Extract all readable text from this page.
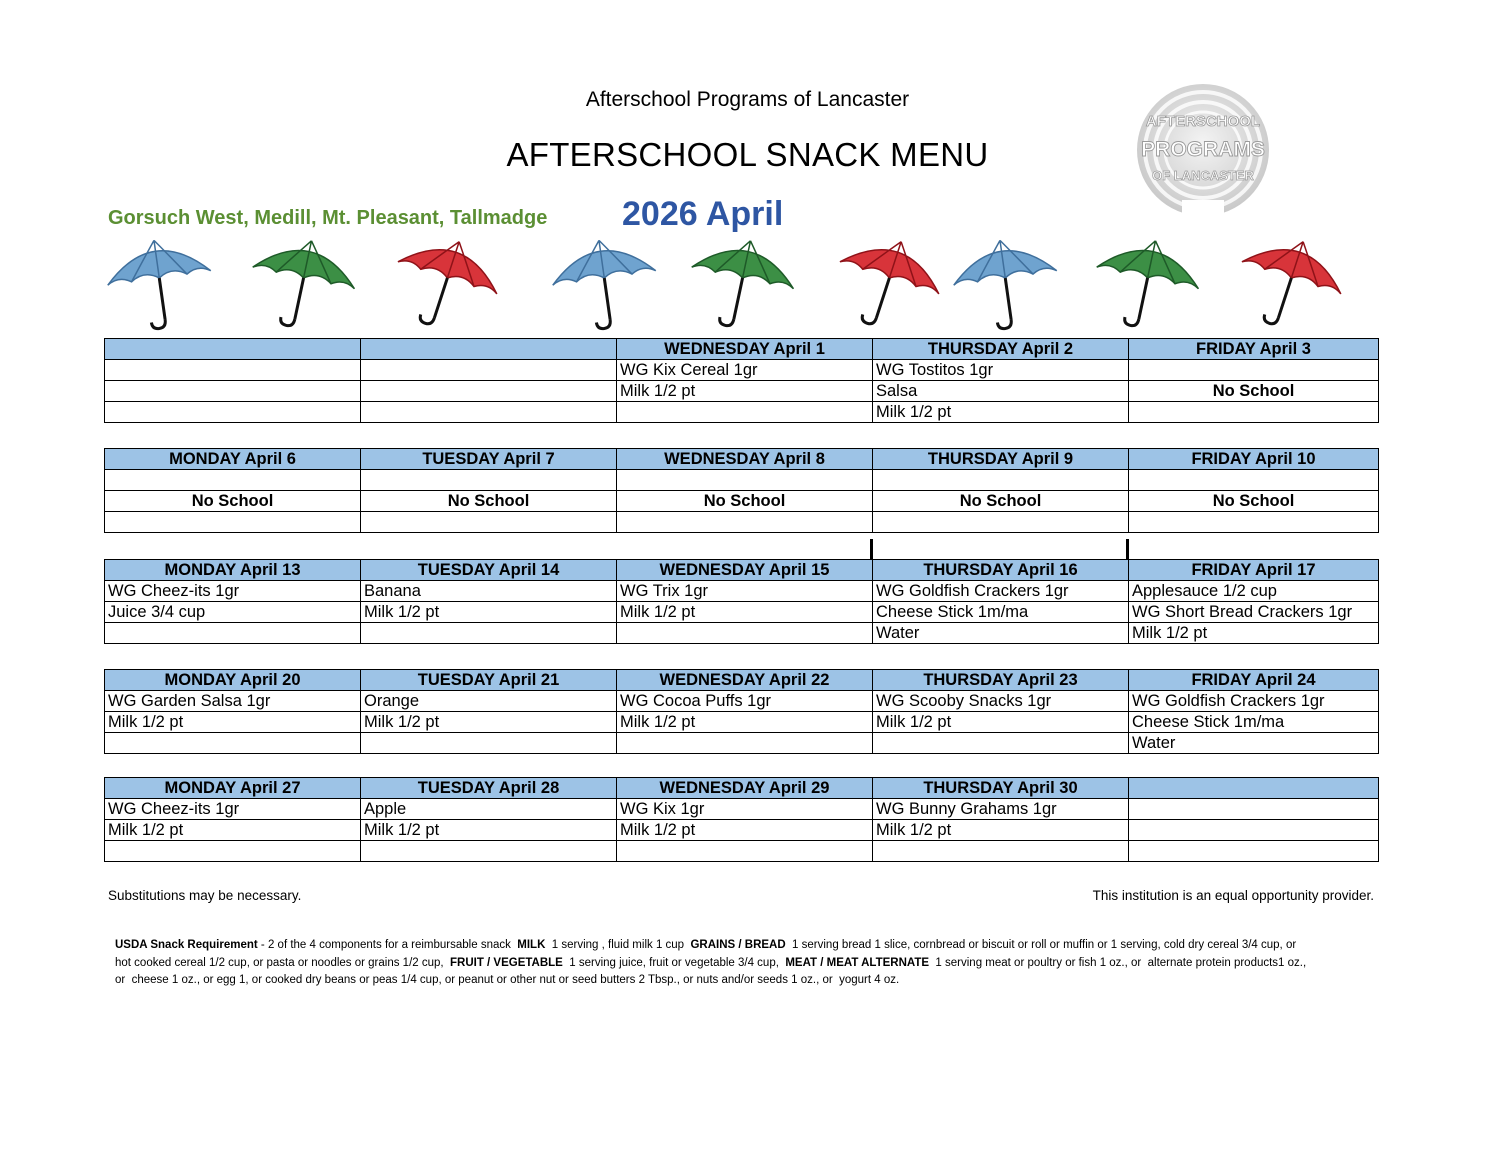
Afterschool Programs of Lancaster
AFTERSCHOOL SNACK MENU
Gorsuch West, Medill, Mt. Pleasant, Tallmadge 2026 April
AFTERSCHOOL
PROGRAMS
OF LANCASTER
		WEDNESDAY April 1	THURSDAY April 2	FRIDAY April 3
		WG Kix Cereal 1gr	WG Tostitos 1gr	
		Milk 1/2 pt	Salsa	No School
			Milk 1/2 pt	
MONDAY April 6	TUESDAY April 7	WEDNESDAY April 8	THURSDAY April 9	FRIDAY April 10

No School	No School	No School	No School	No School

MONDAY April 13	TUESDAY April 14	WEDNESDAY April 15	THURSDAY April 16	FRIDAY April 17
WG Cheez-its 1gr	Banana	WG Trix 1gr	WG Goldfish Crackers 1gr	Applesauce 1/2 cup
Juice 3/4 cup	Milk 1/2 pt	Milk 1/2 pt	Cheese Stick 1m/ma	WG Short Bread Crackers 1gr
			Water	Milk 1/2 pt
MONDAY April 20	TUESDAY April 21	WEDNESDAY April 22	THURSDAY April 23	FRIDAY April 24
WG Garden Salsa 1gr	Orange	WG Cocoa Puffs 1gr	WG Scooby Snacks 1gr	WG Goldfish Crackers 1gr
Milk 1/2 pt	Milk 1/2 pt	Milk 1/2 pt	Milk 1/2 pt	Cheese Stick 1m/ma
				Water
MONDAY April 27	TUESDAY April 28	WEDNESDAY April 29	THURSDAY April 30	
WG Cheez-its 1gr	Apple	WG Kix 1gr	WG Bunny Grahams 1gr	
Milk 1/2 pt	Milk 1/2 pt	Milk 1/2 pt	Milk 1/2 pt	

Substitutions may be necessary.	This institution is an equal opportunity provider.
USDA Snack Requirement - 2 of the 4 components for a reimbursable snack  MILK  1 serving , fluid milk 1 cup  GRAINS / BREAD  1 serving bread 1 slice, cornbread or biscuit or roll or muffin or 1 serving, cold dry cereal 3/4 cup, or hot cooked cereal 1/2 cup, or pasta or noodles or grains 1/2 cup,  FRUIT / VEGETABLE  1 serving juice, fruit or vegetable 3/4 cup,  MEAT / MEAT ALTERNATE  1 serving meat or poultry or fish 1 oz., or  alternate protein products1 oz., or  cheese 1 oz., or egg 1, or cooked dry beans or peas 1/4 cup, or peanut or other nut or seed butters 2 Tbsp., or nuts and/or seeds 1 oz., or  yogurt 4 oz.
